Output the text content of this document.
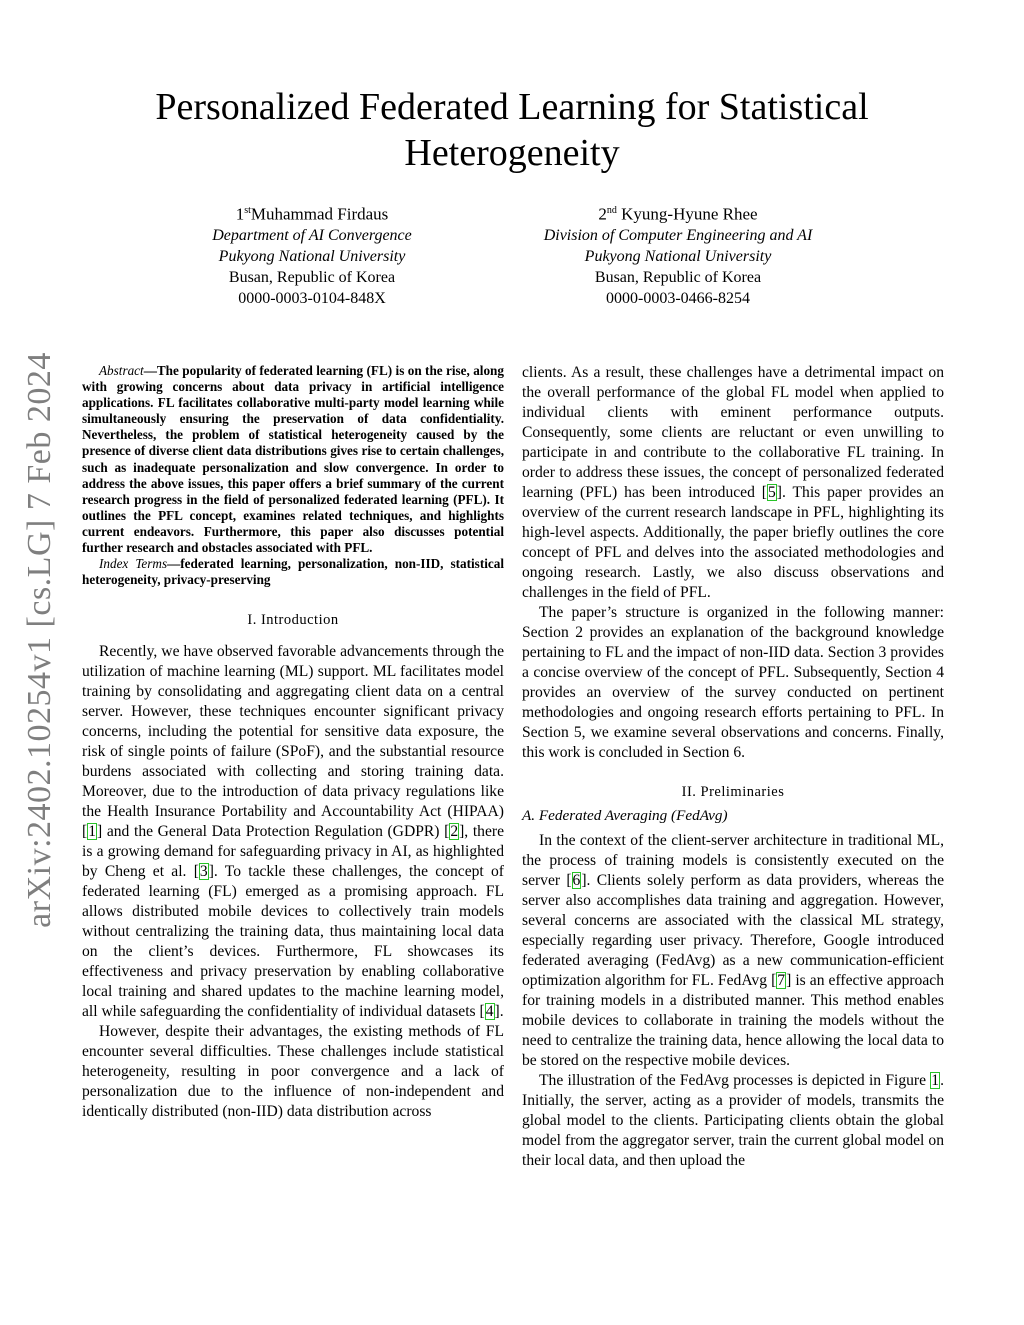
arXiv:2402.10254v1 [cs.LG] 7 Feb 2024
Personalized Federated Learning for Statistical Heterogeneity
1stMuhammad Firdaus
Department of AI Convergence
Pukyong National University
Busan, Republic of Korea
0000-0003-0104-848X
2nd Kyung-Hyune Rhee
Division of Computer Engineering and AI
Pukyong National University
Busan, Republic of Korea
0000-0003-0466-8254

Abstract—The popularity of federated learning (FL) is on the rise, along with growing concerns about data privacy in artificial intelligence applications. FL facilitates collaborative multi-party model learning while simultaneously ensuring the preservation of data confidentiality. Nevertheless, the problem of statistical heterogeneity caused by the presence of diverse client data distributions gives rise to certain challenges, such as inadequate personalization and slow convergence. In order to address the above issues, this paper offers a brief summary of the current research progress in the field of personalized federated learning (PFL). It outlines the PFL concept, examines related techniques, and highlights current endeavors. Furthermore, this paper also discusses potential further research and obstacles associated with PFL.

Index Terms—federated learning, personalization, non-IID, statistical heterogeneity, privacy-preserving

I. Introduction

Recently, we have observed favorable advancements through the utilization of machine learning (ML) support. ML facilitates model training by consolidating and aggregating client data on a central server. However, these techniques encounter significant privacy concerns, including the potential for sensitive data exposure, the risk of single points of failure (SPoF), and the substantial resource burdens associated with collecting and storing training data. Moreover, due to the introduction of data privacy regulations like the Health Insurance Portability and Accountability Act (HIPAA) [1] and the General Data Protection Regulation (GDPR) [2], there is a growing demand for safeguarding privacy in AI, as highlighted by Cheng et al. [3]. To tackle these challenges, the concept of federated learning (FL) emerged as a promising approach. FL allows distributed mobile devices to collectively train models without centralizing the training data, thus maintaining local data on the client’s devices. Furthermore, FL showcases its effectiveness and privacy preservation by enabling collaborative local training and shared updates to the machine learning model, all while safeguarding the confidentiality of individual datasets [4].

However, despite their advantages, the existing methods of FL encounter several difficulties. These challenges include statistical heterogeneity, resulting in poor convergence and a lack of personalization due to the influence of non-independent and identically distributed (non-IID) data distribution across

clients. As a result, these challenges have a detrimental impact on the overall performance of the global FL model when applied to individual clients with eminent performance outputs. Consequently, some clients are reluctant or even unwilling to participate in and contribute to the collaborative FL training. In order to address these issues, the concept of personalized federated learning (PFL) has been introduced [5]. This paper provides an overview of the current research landscape in PFL, highlighting its high-level aspects. Additionally, the paper briefly outlines the core concept of PFL and delves into the associated methodologies and ongoing research. Lastly, we also discuss observations and challenges in the field of PFL.

The paper’s structure is organized in the following manner: Section 2 provides an explanation of the background knowledge pertaining to FL and the impact of non-IID data. Section 3 provides a concise overview of the concept of PFL. Subsequently, Section 4 provides an overview of the survey conducted on pertinent methodologies and ongoing research efforts pertaining to PFL. In Section 5, we examine several observations and concerns. Finally, this work is concluded in Section 6.

II. Preliminaries
A. Federated Averaging (FedAvg)

In the context of the client-server architecture in traditional ML, the process of training models is consistently executed on the server [6]. Clients solely perform as data providers, whereas the server also accomplishes data training and aggregation. However, several concerns are associated with the classical ML strategy, especially regarding user privacy. Therefore, Google introduced federated averaging (FedAvg) as a new communication-efficient optimization algorithm for FL. FedAvg [7] is an effective approach for training models in a distributed manner. This method enables mobile devices to collaborate in training the models without the need to centralize the training data, hence allowing the local data to be stored on the respective mobile devices.

The illustration of the FedAvg processes is depicted in Figure 1. Initially, the server, acting as a provider of models, transmits the global model to the clients. Participating clients obtain the global model from the aggregator server, train the current global model on their local data, and then upload the
